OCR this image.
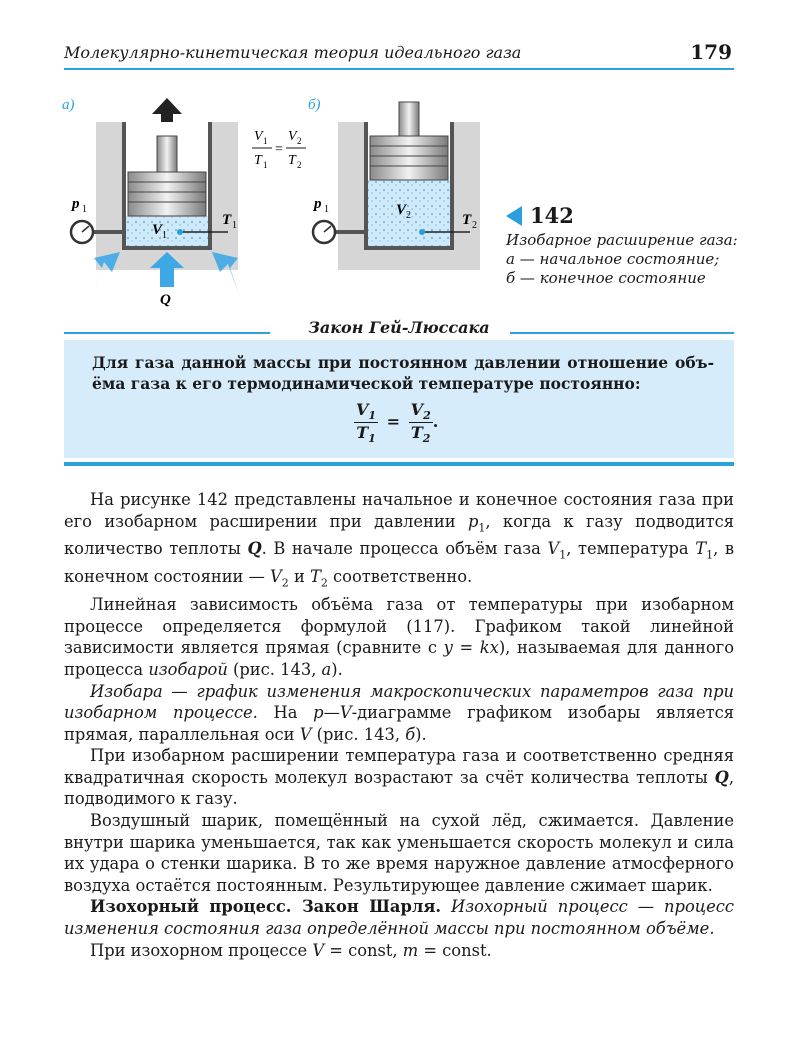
Молекулярно-кинетическая теория идеального газа	179
а)	б)
p 1
V 1
T 1
Q
V 1
T 1
=
V 2
T 2
p 1	V 2	T 2	142
Изобарное расширение газа:
а — начальное состояние;
б — конечное состояние
Закон Гей-Люссака
Для газа данной массы при постоянном давлении отношение объ-ёма газа к его термодинамической температуре постоянно:
$\frac{V_1}{T_1} = \frac{V_2}{T_2}$ .

На рисунке 142 представлены начальное и конечное состояния газа при его изобарном расширении при давлении $p_1$, когда к газу подводится количество теплоты Q. В начале процесса объём газа $V_1$, температура $T_1$, в конечном состоянии — $V_2$ и $T_2$ соответственно.

Линейная зависимость объёма газа от температуры при изобарном процессе определяется формулой (117). Графиком такой линейной зависимости является прямая (сравните с y = kx), называемая для данного процесса изобарой (рис. 143, а).

Изобара — график изменения макроскопических параметров газа при изобарном процессе. На p—V-диаграмме графиком изобары является прямая, параллельная оси V (рис. 143, б).

При изобарном расширении температура газа и соответственно средняя квадратичная скорость молекул возрастают за счёт количества теплоты Q, подводимого к газу.

Воздушный шарик, помещённый на сухой лёд, сжимается. Давление внутри шарика уменьшается, так как уменьшается скорость молекул и сила их удара о стенки шарика. В то же время наружное давление атмосферного воздуха остаётся постоянным. Результирующее давление сжимает шарик.

Изохорный процесс. Закон Шарля. Изохорный процесс — процесс изменения состояния газа определённой массы при постоянном объёме.

При изохорном процессе V = const, m = const.
